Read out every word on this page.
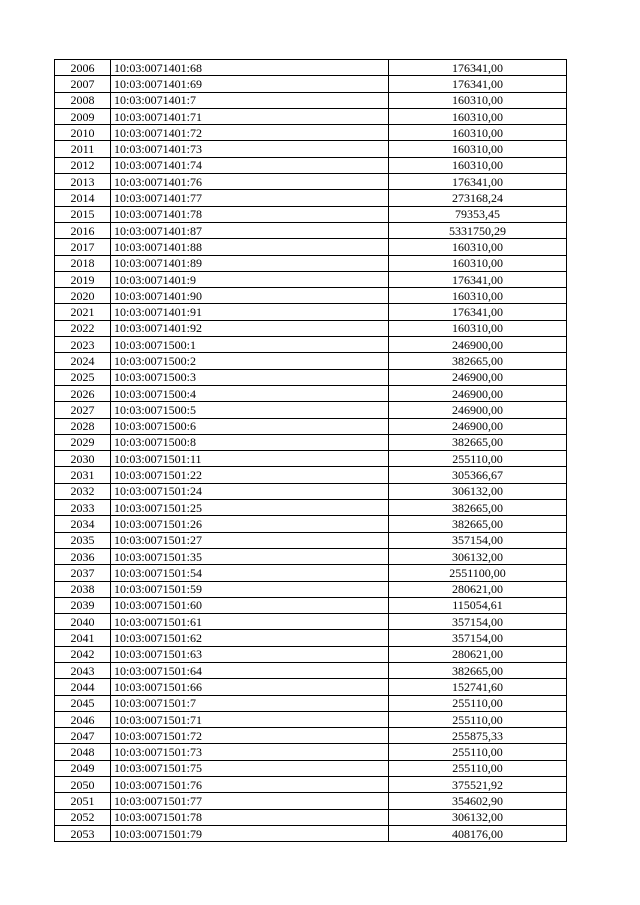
2006	10:03:0071401:68	176341,00
2007	10:03:0071401:69	176341,00
2008	10:03:0071401:7	160310,00
2009	10:03:0071401:71	160310,00
2010	10:03:0071401:72	160310,00
2011	10:03:0071401:73	160310,00
2012	10:03:0071401:74	160310,00
2013	10:03:0071401:76	176341,00
2014	10:03:0071401:77	273168,24
2015	10:03:0071401:78	79353,45
2016	10:03:0071401:87	5331750,29
2017	10:03:0071401:88	160310,00
2018	10:03:0071401:89	160310,00
2019	10:03:0071401:9	176341,00
2020	10:03:0071401:90	160310,00
2021	10:03:0071401:91	176341,00
2022	10:03:0071401:92	160310,00
2023	10:03:0071500:1	246900,00
2024	10:03:0071500:2	382665,00
2025	10:03:0071500:3	246900,00
2026	10:03:0071500:4	246900,00
2027	10:03:0071500:5	246900,00
2028	10:03:0071500:6	246900,00
2029	10:03:0071500:8	382665,00
2030	10:03:0071501:11	255110,00
2031	10:03:0071501:22	305366,67
2032	10:03:0071501:24	306132,00
2033	10:03:0071501:25	382665,00
2034	10:03:0071501:26	382665,00
2035	10:03:0071501:27	357154,00
2036	10:03:0071501:35	306132,00
2037	10:03:0071501:54	2551100,00
2038	10:03:0071501:59	280621,00
2039	10:03:0071501:60	115054,61
2040	10:03:0071501:61	357154,00
2041	10:03:0071501:62	357154,00
2042	10:03:0071501:63	280621,00
2043	10:03:0071501:64	382665,00
2044	10:03:0071501:66	152741,60
2045	10:03:0071501:7	255110,00
2046	10:03:0071501:71	255110,00
2047	10:03:0071501:72	255875,33
2048	10:03:0071501:73	255110,00
2049	10:03:0071501:75	255110,00
2050	10:03:0071501:76	375521,92
2051	10:03:0071501:77	354602,90
2052	10:03:0071501:78	306132,00
2053	10:03:0071501:79	408176,00
